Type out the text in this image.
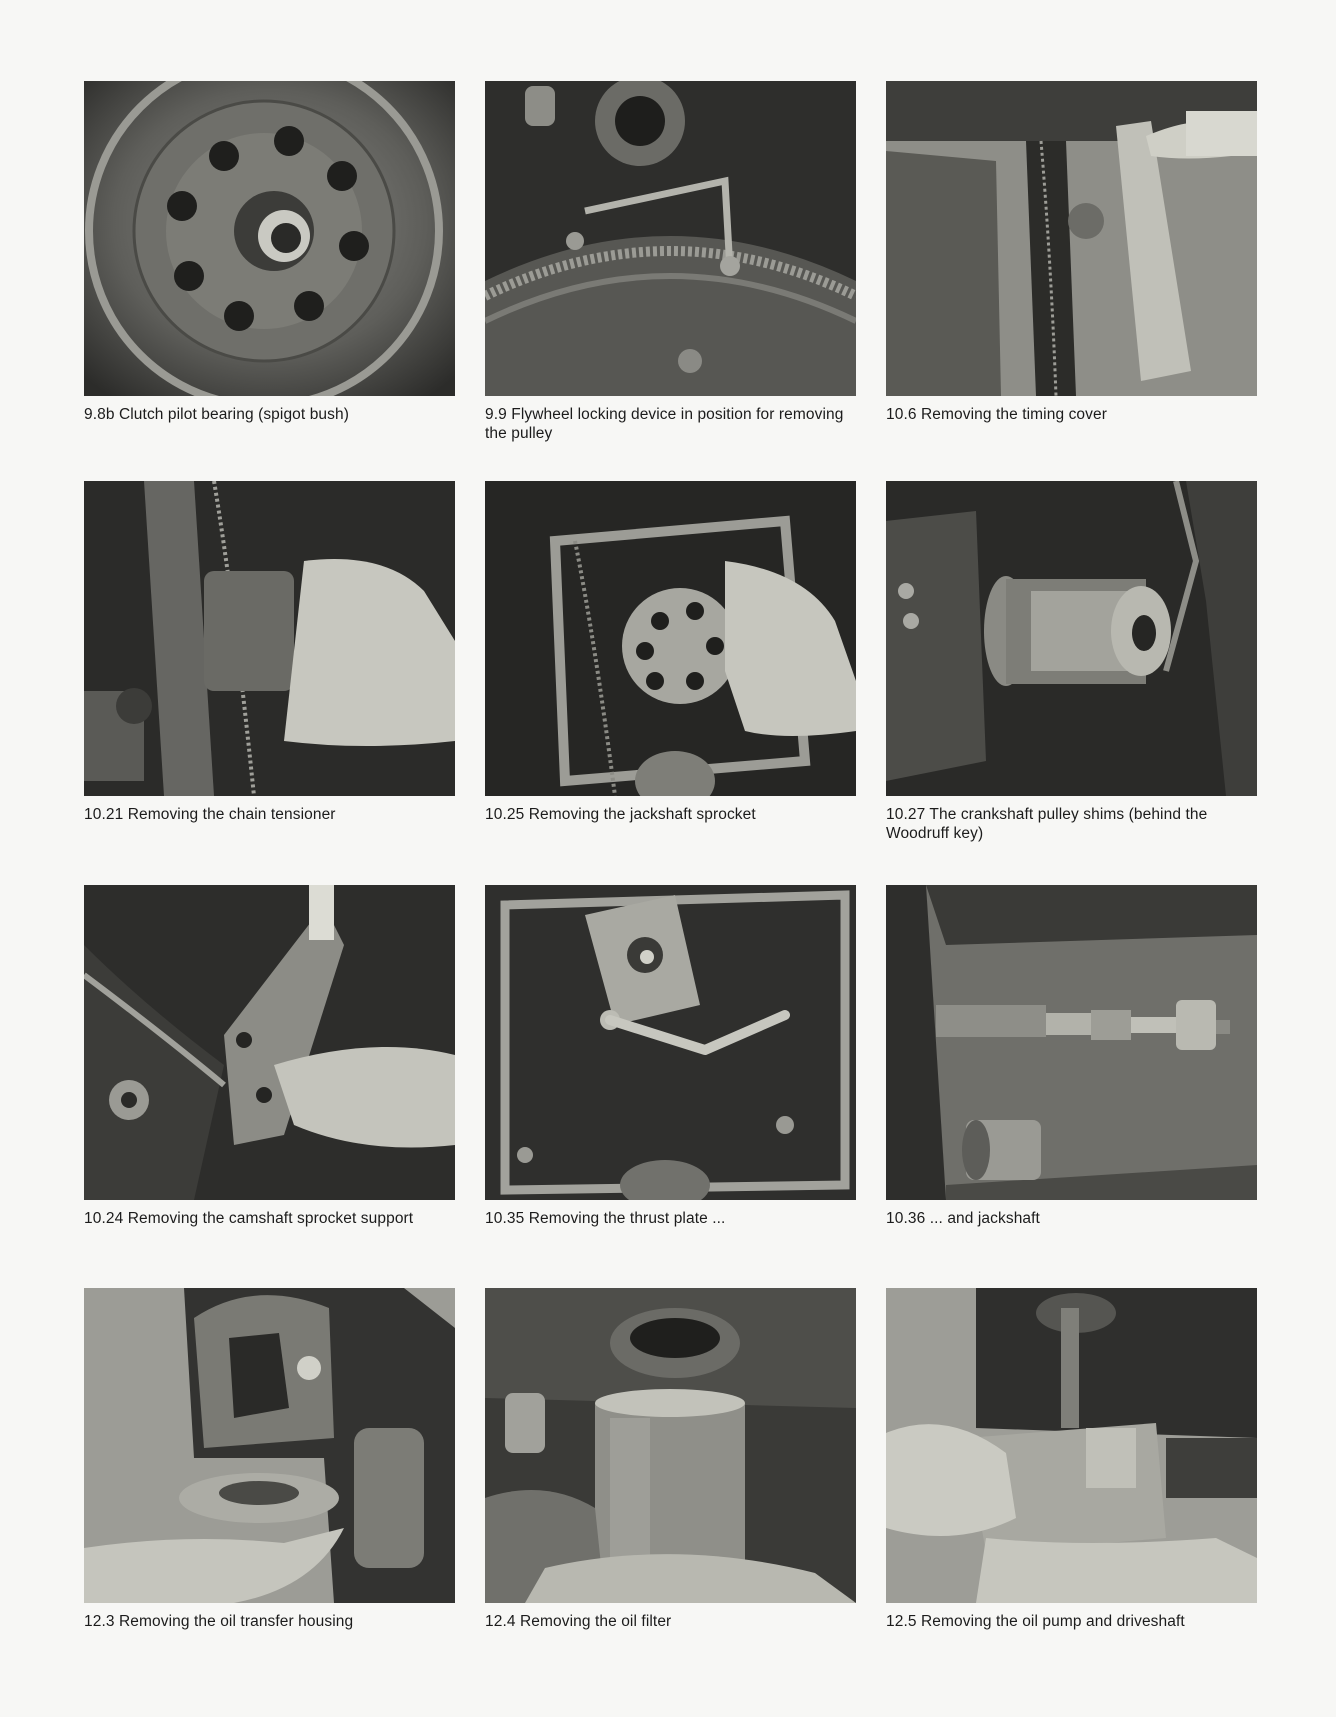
9.8b Clutch pilot bearing (spigot bush)	9.9 Flywheel locking device in position for removing the pulley
10.6 Removing the timing cover
10.21 Removing the chain tensioner	10.25 Removing the jackshaft sprocket	10.27 The crankshaft pulley shims (behind the Woodruff key)
10.24 Removing the camshaft sprocket support	10.35 Removing the thrust plate ...	10.36 ... and jackshaft
12.3 Removing the oil transfer housing	12.4 Removing the oil filter	12.5 Removing the oil pump and driveshaft
